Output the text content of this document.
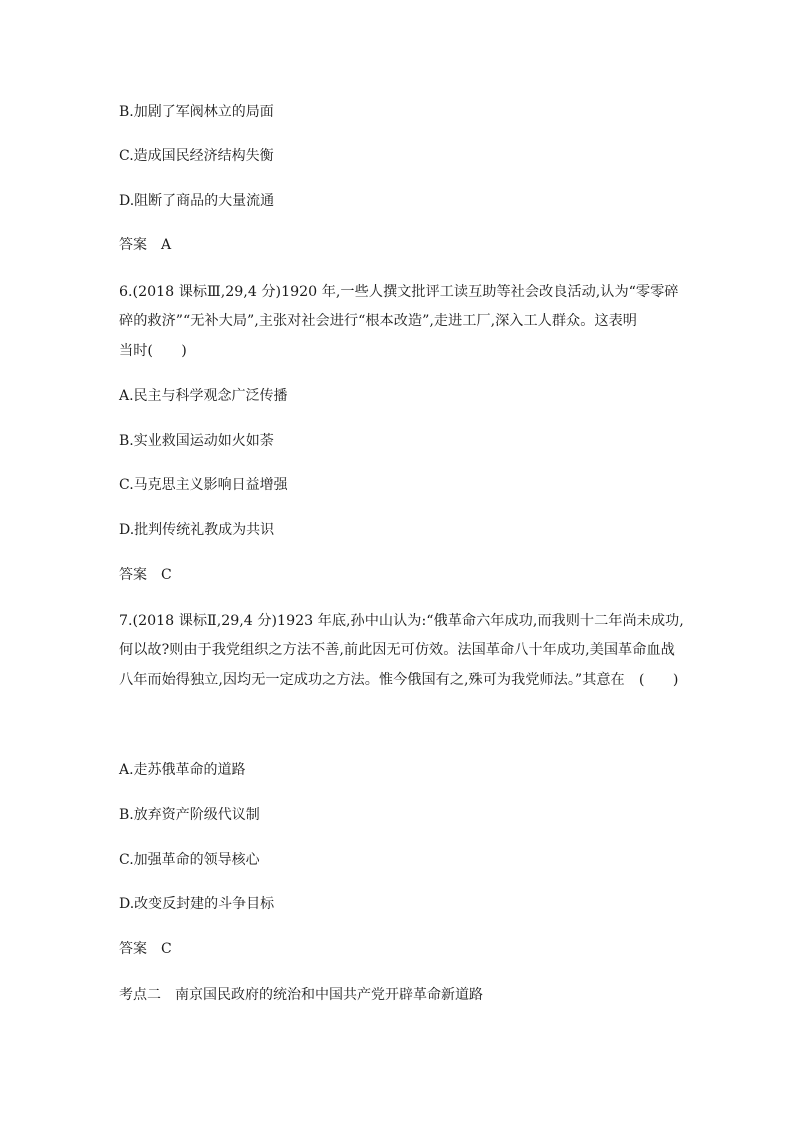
B.加剧了军阀林立的局面
C.造成国民经济结构失衡
D.阻断了商品的大量流通
答案 A
6.(2018 课标Ⅲ,29,4 分)1920 年,一些人撰文批评工读互助等社会改良活动,认为“零零碎
碎的救济”“无补大局”,主张对社会进行“根本改造”,走进工厂,深入工人群众。这表明
当时(　　)
A.民主与科学观念广泛传播
B.实业救国运动如火如荼
C.马克思主义影响日益增强
D.批判传统礼教成为共识
答案 C
7.(2018 课标Ⅱ,29,4 分)1923 年底,孙中山认为:“俄革命六年成功,而我则十二年尚未成功,
何以故?则由于我党组织之方法不善,前此因无可仿效。法国革命八十年成功,美国革命血战
八年而始得独立,因均无一定成功之方法。惟今俄国有之,殊可为我党师法。”其意在　(　　)
A.走苏俄革命的道路
B.放弃资产阶级代议制
C.加强革命的领导核心
D.改变反封建的斗争目标
答案 C
考点二　南京国民政府的统治和中国共产党开辟革命新道路
